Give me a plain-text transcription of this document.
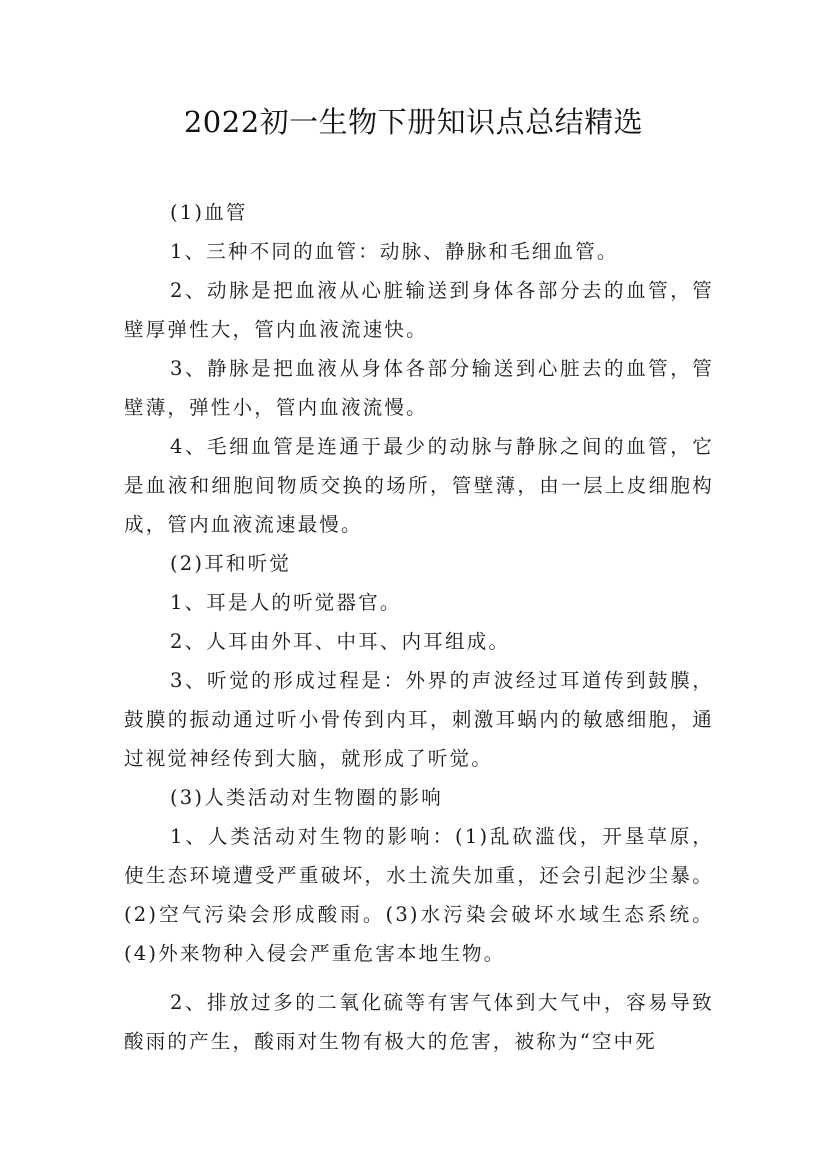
2022初一生物下册知识点总结精选

(1)血管

1、三种不同的血管：动脉、静脉和毛细血管。

2、动脉是把血液从心脏输送到身体各部分去的血管，管壁厚弹性大，管内血液流速快。

3、静脉是把血液从身体各部分输送到心脏去的血管，管壁薄，弹性小，管内血液流慢。

4、毛细血管是连通于最少的动脉与静脉之间的血管，它是血液和细胞间物质交换的场所，管壁薄，由一层上皮细胞构成，管内血液流速最慢。

(2)耳和听觉

1、耳是人的听觉器官。

2、人耳由外耳、中耳、内耳组成。

3、听觉的形成过程是：外界的声波经过耳道传到鼓膜，鼓膜的振动通过听小骨传到内耳，刺激耳蜗内的敏感细胞，通过视觉神经传到大脑，就形成了听觉。

(3)人类活动对生物圈的影响

1、人类活动对生物的影响：(1)乱砍滥伐，开垦草原，使生态环境遭受严重破坏，水土流失加重，还会引起沙尘暴。(2)空气污染会形成酸雨。(3)水污染会破坏水域生态系统。(4)外来物种入侵会严重危害本地生物。

2、排放过多的二氧化硫等有害气体到大气中，容易导致酸雨的产生，酸雨对生物有极大的危害，被称为“空中死
